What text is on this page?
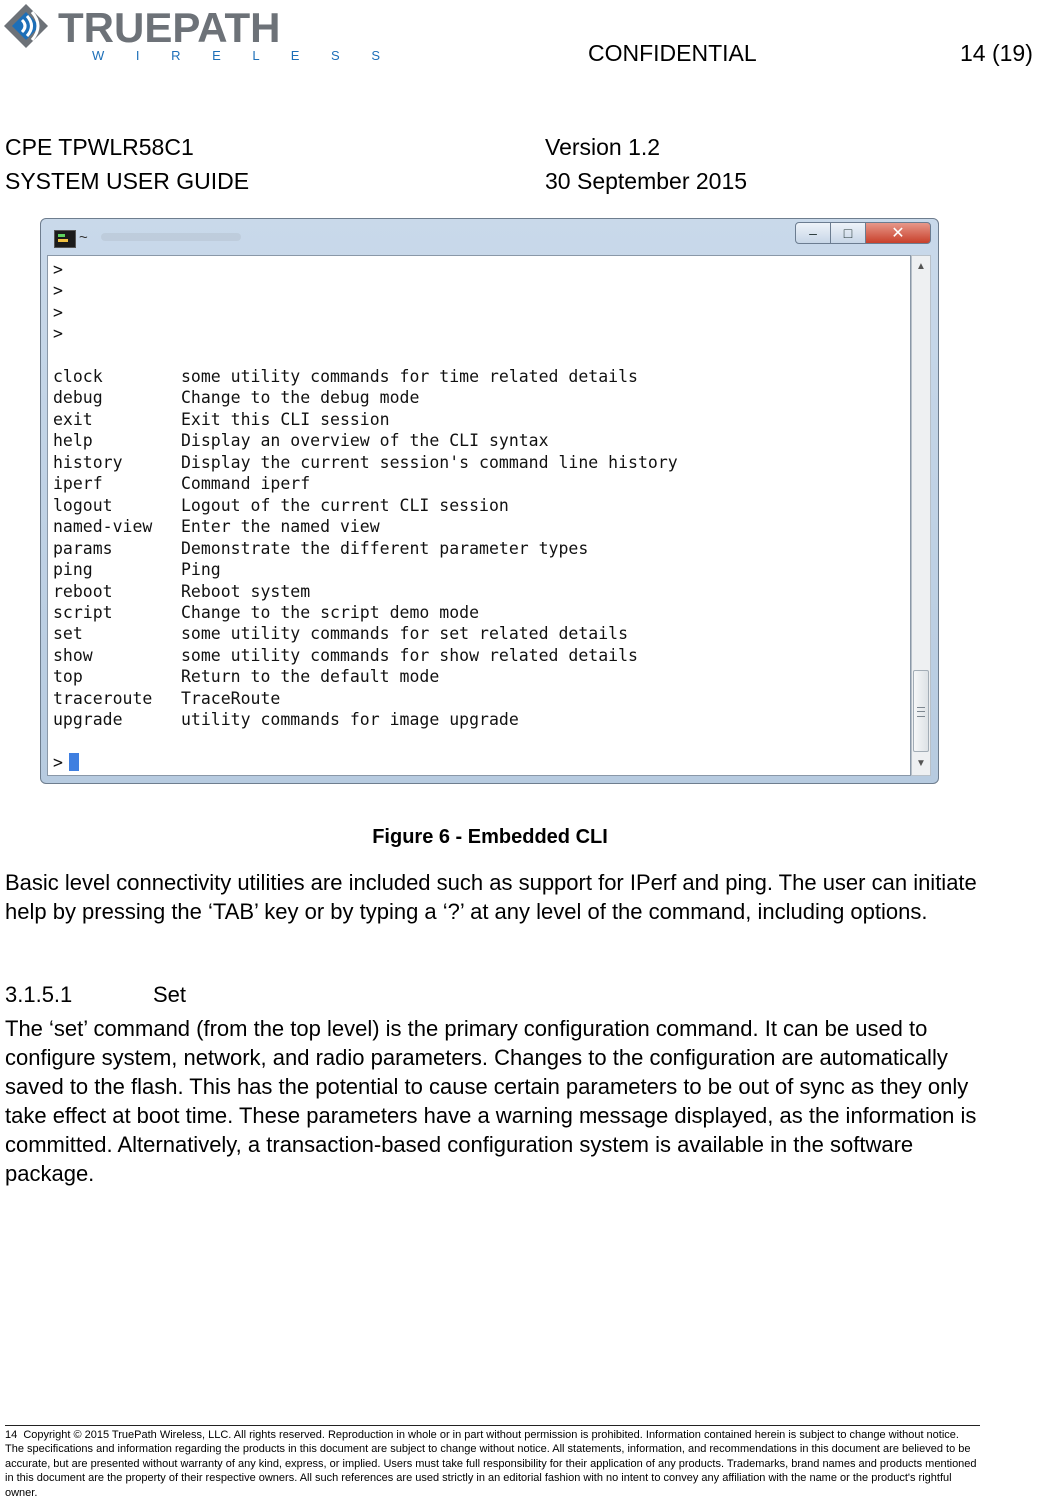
TRUEPATH
W I R E L E S S	CONFIDENTIAL	14 (19)
CPE TPWLR58C1
SYSTEM USER GUIDE
Version 1.2
30 September 2015
~	‒ □ ✕
>
>
>
>
>
clock	some utility commands for time related details
debug	Change to the debug mode
exit	Exit this CLI session
help	Display an overview of the CLI syntax
history	Display the current session's command line history
iperf	Command iperf
logout	Logout of the current CLI session
named-view Enter the named view
params	Demonstrate the different parameter types
ping	Ping
reboot	Reboot system
script	Change to the script demo mode
set	some utility commands for set related details
show	some utility commands for show related details
top	Return to the default mode
traceroute TraceRoute
upgrade	utility commands for image upgrade
▲
▼
Figure 6 - Embedded CLI
Basic level connectivity utilities are included such as support for IPerf and ping. The user can initiate help by pressing the ‘TAB’ key or by typing a ‘?’ at any level of the command, including options.
3.1.5.1	Set
The ‘set’ command (from the top level) is the primary configuration command. It can be used to configure system, network, and radio parameters. Changes to the configuration are automatically saved to the flash. This has the potential to cause certain parameters to be out of sync as they only take effect at boot time. These parameters have a warning message displayed, as the information is committed. Alternatively, a transaction-based configuration system is available in the software package.
14 Copyright © 2015 TruePath Wireless, LLC. All rights reserved. Reproduction in whole or in part without permission is prohibited. Information contained herein is subject to change without notice. The specifications and information regarding the products in this document are subject to change without notice. All statements, information, and recommendations in this document are believed to be accurate, but are presented without warranty of any kind, express, or implied. Users must take full responsibility for their application of any products. Trademarks, brand names and products mentioned in this document are the property of their respective owners. All such references are used strictly in an editorial fashion with no intent to convey any affiliation with the name or the product's rightful owner.
